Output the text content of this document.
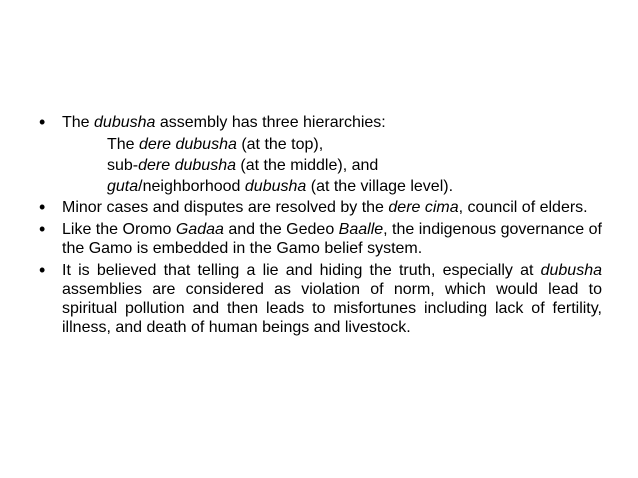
• The dubusha assembly has three hierarchies:
The dere dubusha (at the top),
sub-dere dubusha (at the middle), and
guta/neighborhood dubusha (at the village level).
• Minor cases and disputes are resolved by the dere cima, council of elders.
• Like the Oromo Gadaa and the Gedeo Baalle, the indigenous governance of the Gamo is embedded in the Gamo belief system.
• It is believed that telling a lie and hiding the truth, especially at dubusha assemblies are considered as violation of norm, which would lead to spiritual pollution and then leads to misfortunes including lack of fertility, illness, and death of human beings and livestock.
